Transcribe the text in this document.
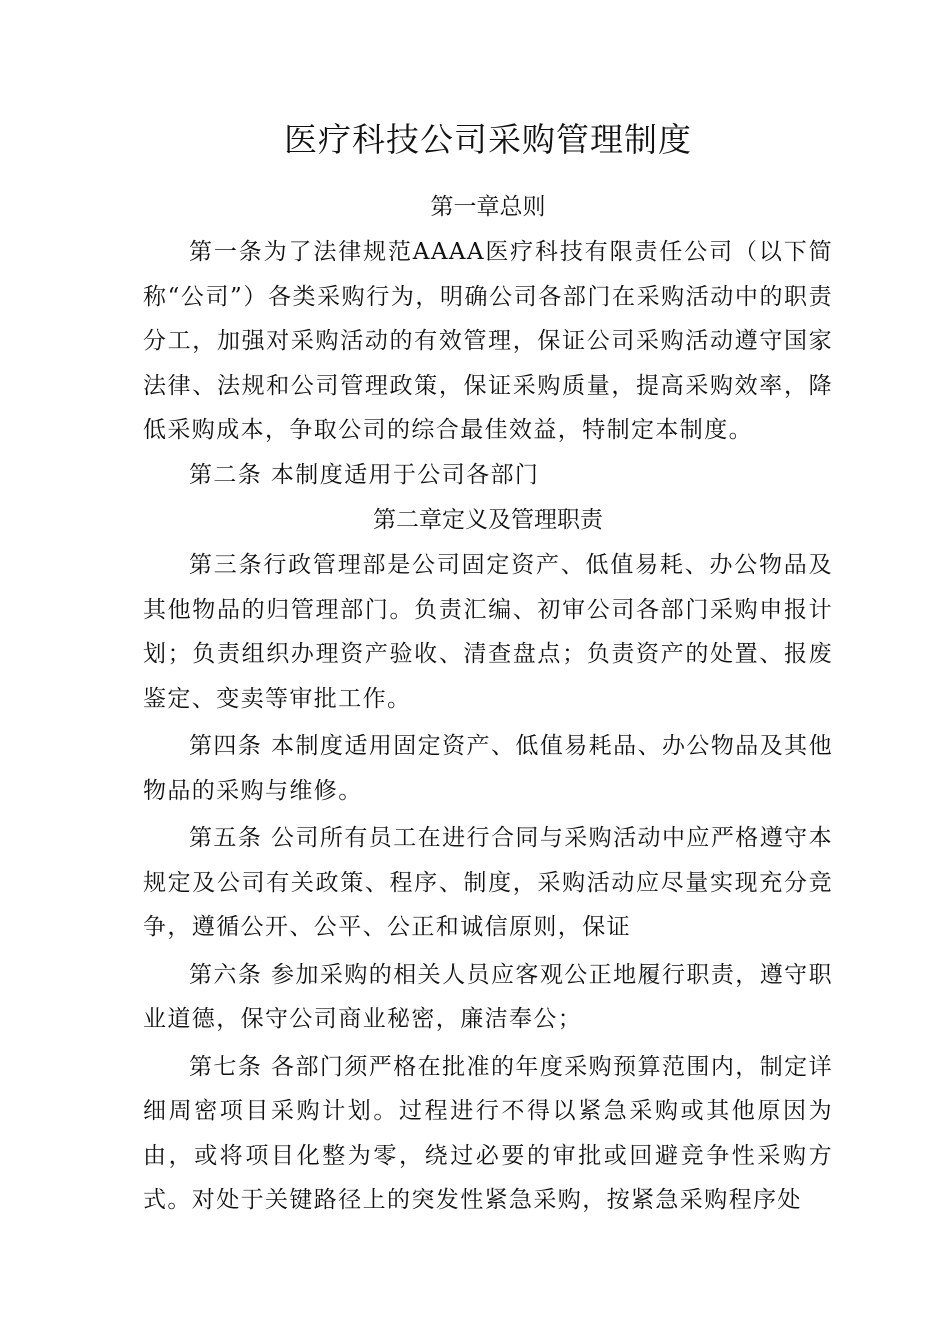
医疗科技公司采购管理制度

第一章总则

第一条为了法律规范AAAA医疗科技有限责任公司（以下简称“公司”）各类采购行为，明确公司各部门在采购活动中的职责分工，加强对采购活动的有效管理，保证公司采购活动遵守国家法律、法规和公司管理政策，保证采购质量，提高采购效率，降低采购成本，争取公司的综合最佳效益，特制定本制度。

第二条 本制度适用于公司各部门

第二章定义及管理职责

第三条行政管理部是公司固定资产、低值易耗、办公物品及其他物品的归管理部门。负责汇编、初审公司各部门采购申报计划；负责组织办理资产验收、清查盘点；负责资产的处置、报废鉴定、变卖等审批工作。

第四条 本制度适用固定资产、低值易耗品、办公物品及其他物品的采购与维修。

第五条 公司所有员工在进行合同与采购活动中应严格遵守本规定及公司有关政策、程序、制度，采购活动应尽量实现充分竞争，遵循公开、公平、公正和诚信原则，保证

第六条 参加采购的相关人员应客观公正地履行职责，遵守职业道德，保守公司商业秘密，廉洁奉公；

第七条 各部门须严格在批准的年度采购预算范围内，制定详细周密项目采购计划。过程进行不得以紧急采购或其他原因为由，或将项目化整为零，绕过必要的审批或回避竞争性采购方式。对处于关键路径上的突发性紧急采购，按紧急采购程序处
